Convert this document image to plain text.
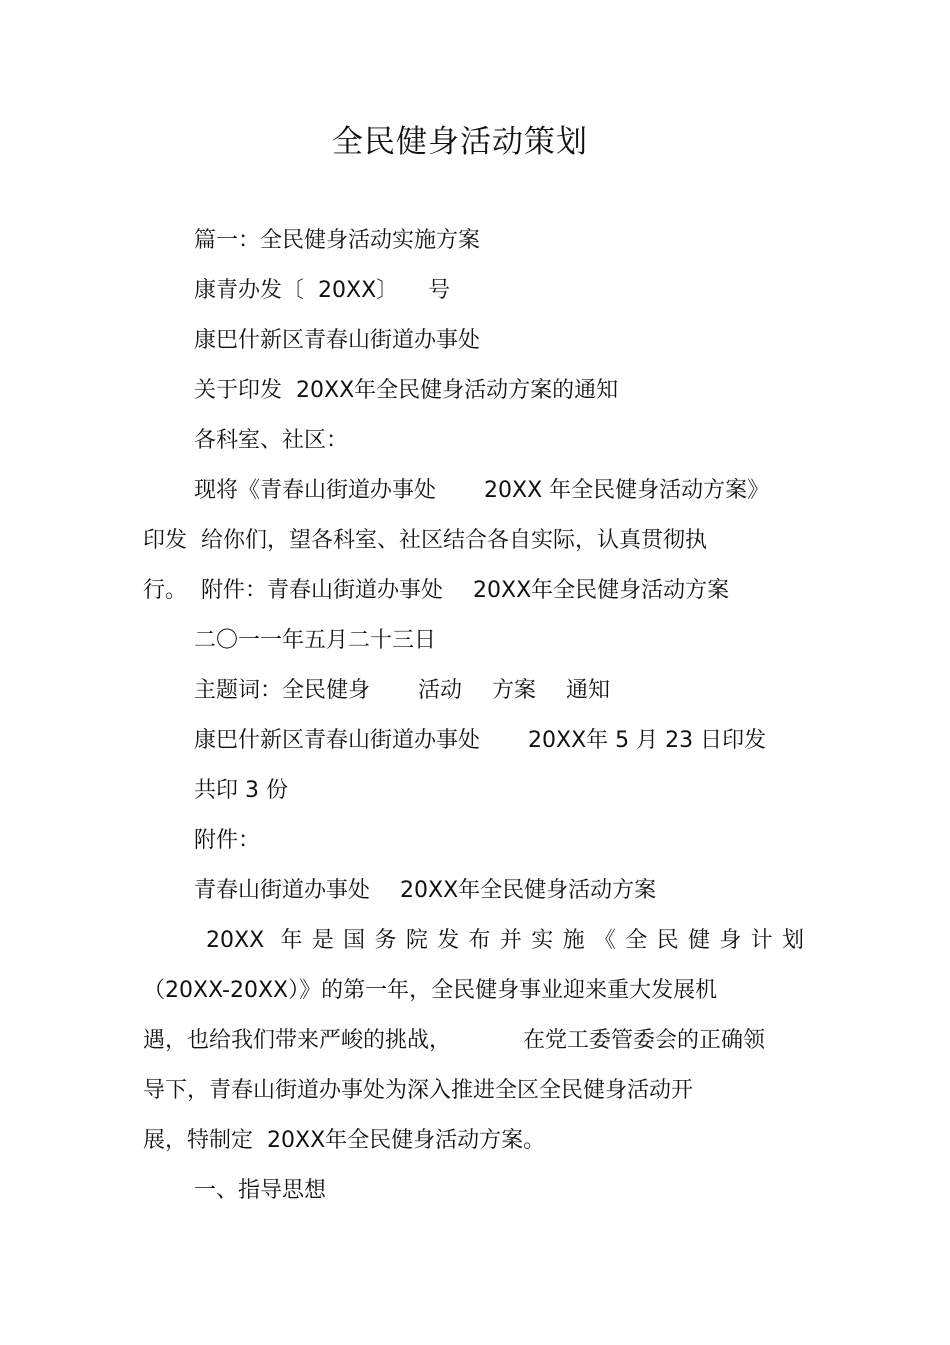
全民健身活动策划
篇一：全民健身活动实施方案
康青办发〔 20XX〕 号
康巴什新区青春山街道办事处
关于印发 20XX年全民健身活动方案的通知
各科室、社区：
现将《青春山街道办事处 20XX 年全民健身活动方案》
印发 给你们，望各科室、社区结合各自实际，认真贯彻执
行。 附件：青春山街道办事处 20XX年全民健身活动方案
二〇一一年五月二十三日
主题词：全民健身 活动 方案 通知
康巴什新区青春山街道办事处 20XX年 5 月 23 日印发
共印 3 份
附件：
青春山街道办事处 20XX年全民健身活动方案
20XX 年是国务院发布并实施《全民健身计划
（20XX-20XX）》的第一年，全民健身事业迎来重大发展机
遇，也给我们带来严峻的挑战，	在党工委管委会的正确领
导下，青春山街道办事处为深入推进全区全民健身活动开
展，特制定 20XX年全民健身活动方案。
一、指导思想
